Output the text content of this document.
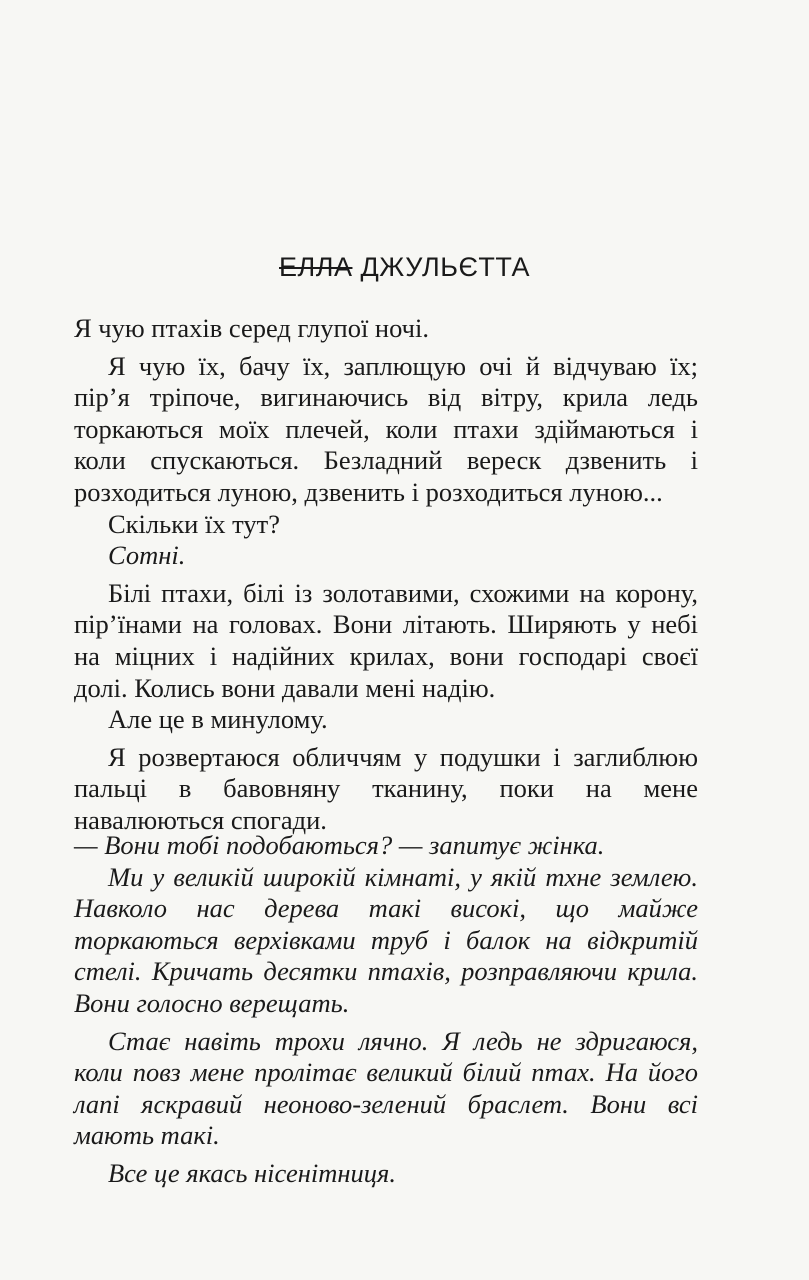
ЕЛЛА ДЖУЛЬЄТТА

Я чую птахів серед глупої ночі.

Я чую їх, бачу їх, заплющую очі й відчуваю їх; пір’я тріпоче, вигинаючись від вітру, крила ледь торкаються моїх плечей, коли птахи здіймаються і коли спускаються. Безладний вереск дзвенить і розходиться луною, дзвенить і розходиться луною...

Скільки їх тут?

Сотні.

Білі птахи, білі із золотавими, схожими на корону, пір’їнами на головах. Вони літають. Ширяють у небі на міцних і надійних крилах, вони господарі своєї долі. Колись вони давали мені надію.

Але це в минулому.

Я розвертаюся обличчям у подушки і заглиблюю пальці в бавовняну тканину, поки на мене навалюються спогади.

— Вони тобі подобаються? — запитує жінка.

Ми у великій широкій кімнаті, у якій тхне землею. Навколо нас дерева такі високі, що майже торкаються верхівками труб і балок на відкритій стелі. Кричать десятки птахів, розправляючи крила. Вони голосно верещать.

Стає навіть трохи лячно. Я ледь не здригаюся, коли повз мене пролітає великий білий птах. На його лапі яскравий неоново-зелений браслет. Вони всі мають такі.

Все це якась нісенітниця.
